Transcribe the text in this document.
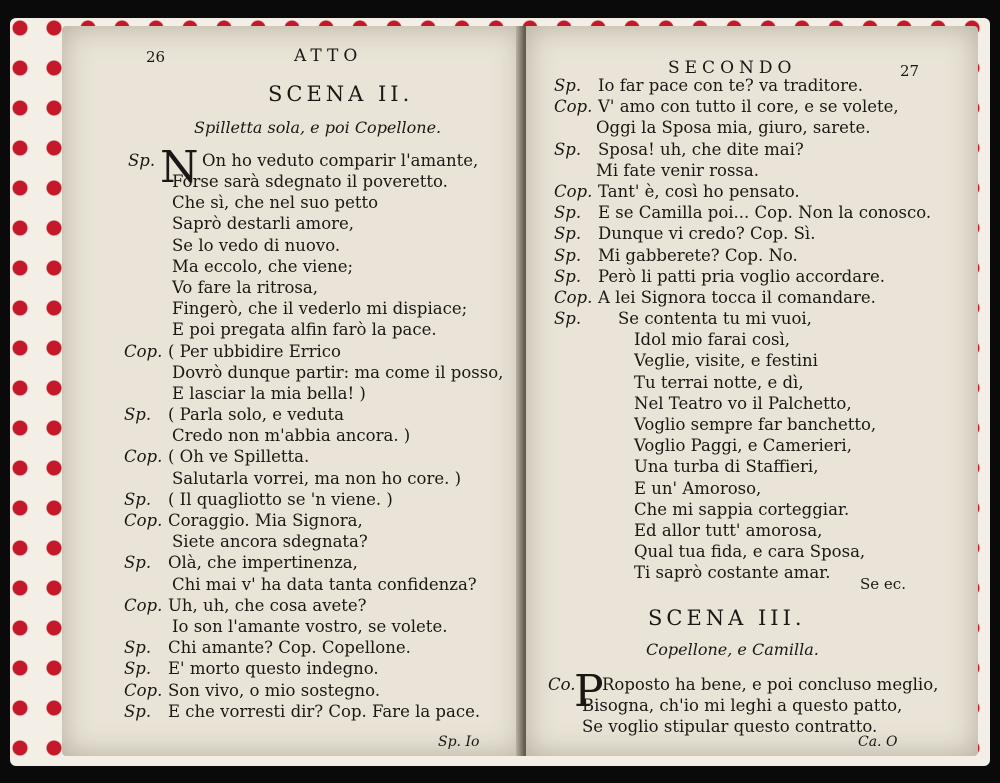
26	ATTO
SCENA II.
Spilletta sola, e poi Copellone.
Sp. N On ho veduto comparir l'amante,
Forse sarà sdegnato il poveretto.
Che sì, che nel suo petto
Saprò destarli amore,
Se lo vedo di nuovo.
Ma eccolo, che viene;
Vo fare la ritrosa,
Fingerò, che il vederlo mi dispiace;
E poi pregata alfin farò la pace.
Cop. ( Per ubbidire Errico
Dovrò dunque partir: ma come il posso,
E lasciar la mia bella! )
Sp. ( Parla solo, e veduta
Credo non m'abbia ancora. )
Cop. ( Oh ve Spilletta.
Salutarla vorrei, ma non ho core. )
Sp. ( Il quagliotto se 'n viene. )
Cop. Coraggio. Mia Signora,
Siete ancora sdegnata?
Sp. Olà, che impertinenza,
Chi mai v' ha data tanta confidenza?
Cop. Uh, uh, che cosa avete?
Io son l'amante vostro, se volete.
Sp. Chi amante? Cop. Copellone.
Sp. E' morto questo indegno.
Cop. Son vivo, o mio sostegno.
Sp. E che vorresti dir? Cop. Fare la pace.
Sp. Io
SECONDO	27
Sp. Io far pace con te? va traditore.
Cop. V' amo con tutto il core, e se volete,
Oggi la Sposa mia, giuro, sarete.
Sp. Sposa! uh, che dite mai?
Mi fate venir rossa.
Cop. Tant' è, così ho pensato.
Sp. E se Camilla poi... Cop. Non la conosco.
Sp. Dunque vi credo? Cop. Sì.
Sp. Mi gabberete? Cop. No.
Sp. Però li patti pria voglio accordare.
Cop. A lei Signora tocca il comandare.
Sp. Se contenta tu mi vuoi,
Idol mio farai così,
Veglie, visite, e festini
Tu terrai notte, e dì,
Nel Teatro vo il Palchetto,
Voglio sempre far banchetto,
Voglio Paggi, e Camerieri,
Una turba di Staffieri,
E un' Amoroso,
Che mi sappia corteggiar.
Ed allor tutt' amorosa,
Qual tua fida, e cara Sposa,
Ti saprò costante amar.
Se ec.
SCENA III.
Copellone, e Camilla.
Co.
P
Roposto ha bene, e poi concluso meglio,
Bisogna, ch'io mi leghi a questo patto,
Se voglio stipular questo contratto.
Ca. O
